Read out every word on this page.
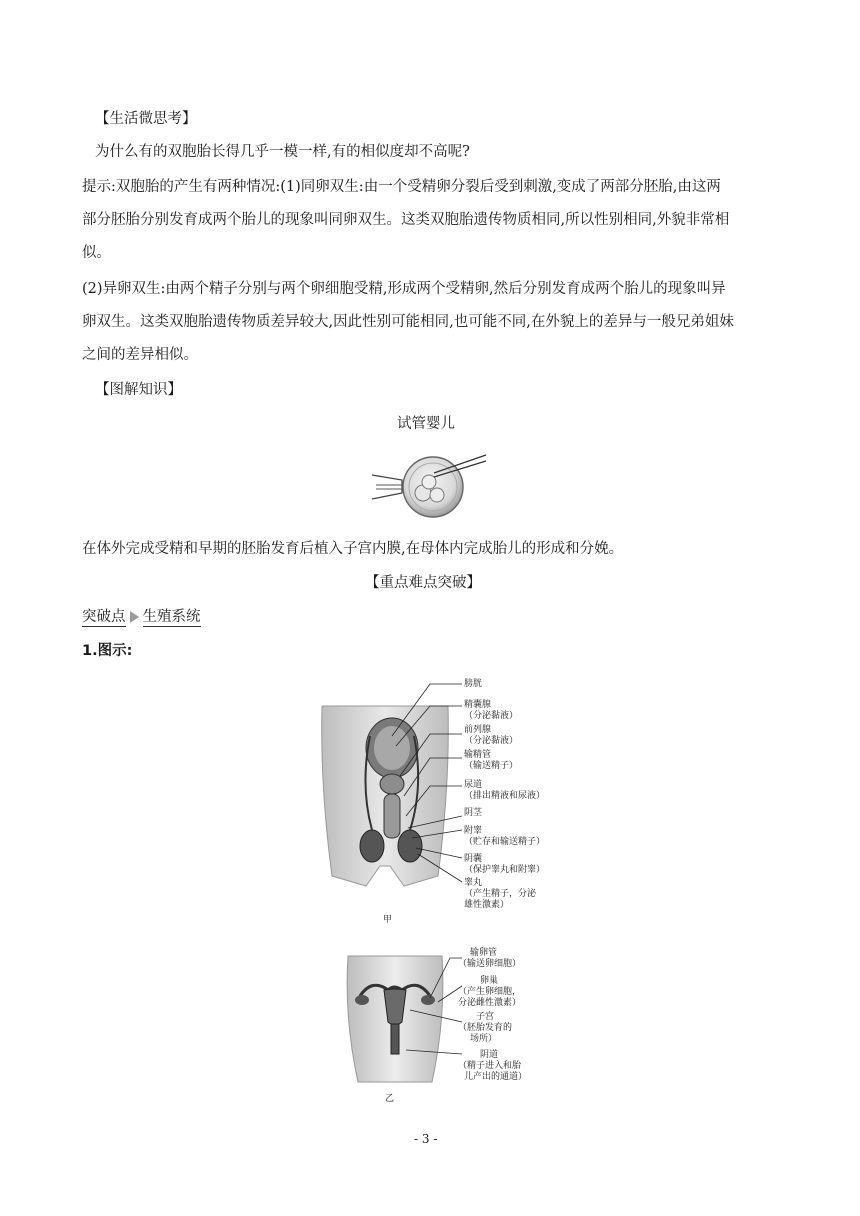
【生活微思考】
为什么有的双胞胎长得几乎一模一样,有的相似度却不高呢?
提示:双胞胎的产生有两种情况:(1)同卵双生:由一个受精卵分裂后受到刺激,变成了两部分胚胎,由这两
部分胚胎分别发育成两个胎儿的现象叫同卵双生。这类双胞胎遗传物质相同,所以性别相同,外貌非常相
似。
(2)异卵双生:由两个精子分别与两个卵细胞受精,形成两个受精卵,然后分别发育成两个胎儿的现象叫异
卵双生。这类双胞胎遗传物质差异较大,因此性别可能相同,也可能不同,在外貌上的差异与一般兄弟姐妹
之间的差异相似。
【图解知识】
试管婴儿
在体外完成受精和早期的胚胎发育后植入子宫内膜,在母体内完成胎儿的形成和分娩。
【重点难点突破】
突破点 生殖系统
1.图示:
膀胱
精囊腺
（分泌黏液）
前列腺
（分泌黏液）
输精管
（输送精子）
尿道
（排出精液和尿液）
阴茎
附睾
（贮存和输送精子）
阴囊
（保护睾丸和附睾）
睾丸
（产生精子，分泌
雄性激素）
甲
输卵管
（输送卵细胞）
卵巢
（产生卵细胞，
分泌雌性激素）
子宫
（胚胎发育的
场所）
阴道
（精子进入和胎
儿产出的通道）
乙
- 3 -
